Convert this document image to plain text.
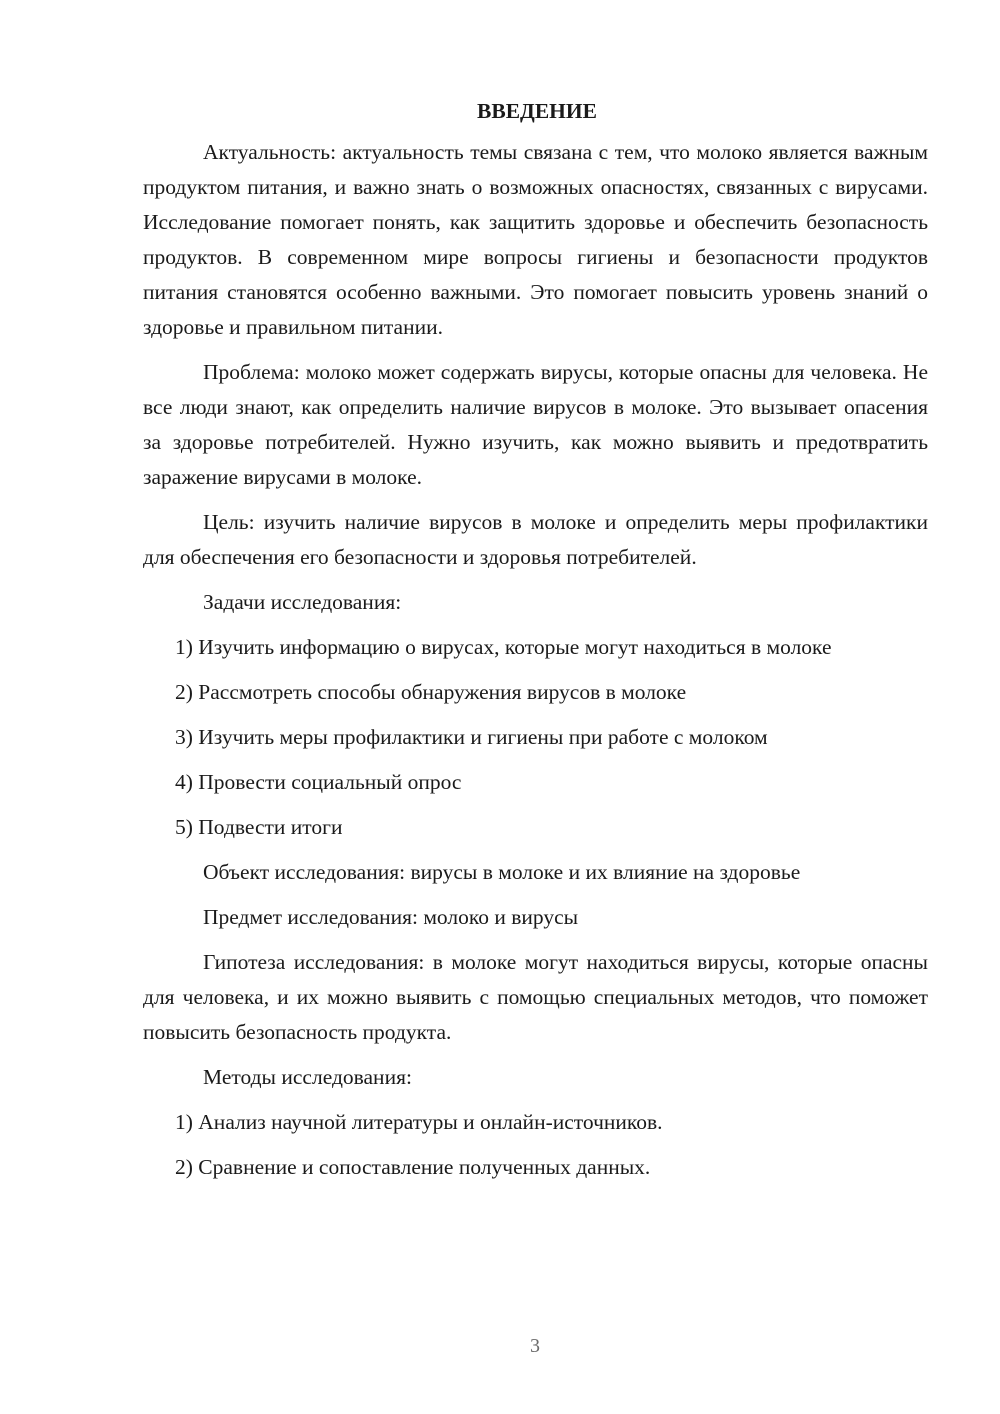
ВВЕДЕНИЕ

Актуальность: актуальность темы связана с тем, что молоко является важным продуктом питания, и важно знать о возможных опасностях, связанных с вирусами. Исследование помогает понять, как защитить здоровье и обеспечить безопасность продуктов. В современном мире вопросы гигиены и безопасности продуктов питания становятся особенно важными. Это помогает повысить уровень знаний о здоровье и правильном питании.

Проблема: молоко может содержать вирусы, которые опасны для человека. Не все люди знают, как определить наличие вирусов в молоке. Это вызывает опасения за здоровье потребителей. Нужно изучить, как можно выявить и предотвратить заражение вирусами в молоке.

Цель: изучить наличие вирусов в молоке и определить меры профилактики для обеспечения его безопасности и здоровья потребителей.

Задачи исследования:

1) Изучить информацию о вирусах, которые могут находиться в молоке

2) Рассмотреть способы обнаружения вирусов в молоке

3) Изучить меры профилактики и гигиены при работе с молоком

4) Провести социальный опрос

5) Подвести итоги

Объект исследования: вирусы в молоке и их влияние на здоровье

Предмет исследования: молоко и вирусы

Гипотеза исследования: в молоке могут находиться вирусы, которые опасны для человека, и их можно выявить с помощью специальных методов, что поможет повысить безопасность продукта.

Методы исследования:

1) Анализ научной литературы и онлайн-источников.

2) Сравнение и сопоставление полученных данных.

3
